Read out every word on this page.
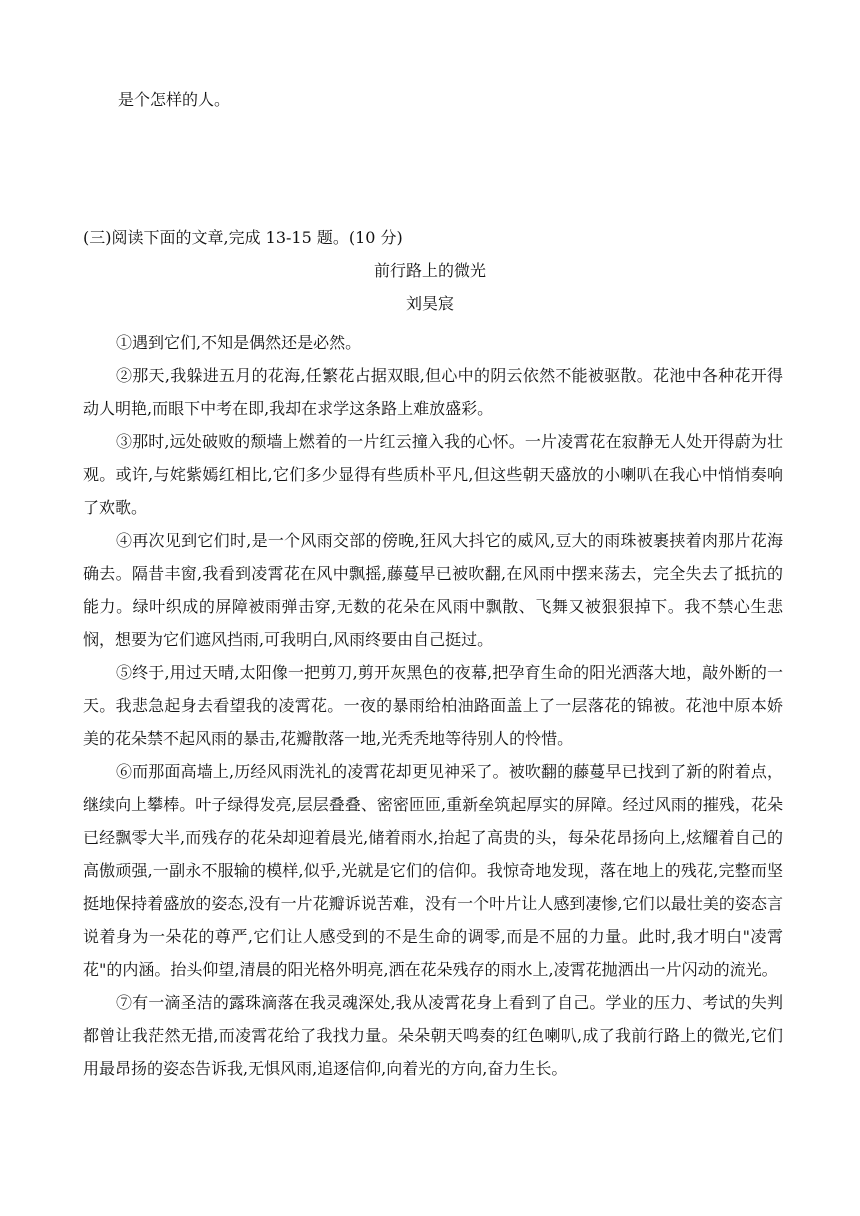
是个怎样的人。
(三)阅读下面的文章,完成 13-15 题。(10 分)
前行路上的微光
刘昊宸

①遇到它们,不知是偶然还是必然。

②那天,我躲进五月的花海,任繁花占据双眼,但心中的阴云依然不能被驱散。花池中各种花开得动人明艳,而眼下中考在即,我却在求学这条路上难放盛彩。

③那时,远处破败的颓墙上燃着的一片红云撞入我的心怀。一片凌霄花在寂静无人处开得蔚为壮观。或许,与姹紫嫣红相比,它们多少显得有些质朴平凡,但这些朝天盛放的小喇叭在我心中悄悄奏响了欢歌。

④再次见到它们时,是一个风雨交部的傍晚,狂风大抖它的威风,豆大的雨珠被裹挟着肉那片花海确去。隔昔丰窗,我看到凌霄花在风中飘摇,藤蔓早已被吹翻,在风雨中摆来荡去，完全失去了抵抗的能力。绿叶织成的屏障被雨弹击穿,无数的花朵在风雨中飘散、飞舞又被狠狠掉下。我不禁心生悲悯，想要为它们遮风挡雨,可我明白,风雨终要由自己挺过。

⑤终于,用过天晴,太阳像一把剪刀,剪开灰黑色的夜幕,把孕育生命的阳光洒落大地，敲外断的一天。我悲急起身去看望我的凌霄花。一夜的暴雨给柏油路面盖上了一层落花的锦被。花池中原本娇美的花朵禁不起风雨的暴击,花瓣散落一地,光秃秃地等待别人的怜惜。

⑥而那面高墙上,历经风雨洗礼的凌霄花却更见神采了。被吹翻的藤蔓早已找到了新的附着点，继续向上攀棒。叶子绿得发亮,层层叠叠、密密匝匝,重新垒筑起厚实的屏障。经过风雨的摧残，花朵已经飘零大半,而残存的花朵却迎着晨光,储着雨水,抬起了高贵的头，每朵花昂扬向上,炫耀着自己的高傲顽强,一副永不服输的模样,似乎,光就是它们的信仰。我惊奇地发现，落在地上的残花,完整而坚挺地保持着盛放的姿态,没有一片花瓣诉说苦难，没有一个叶片让人感到凄惨,它们以最壮美的姿态言说着身为一朵花的尊严,它们让人感受到的不是生命的调零,而是不屈的力量。此时,我才明白"凌霄花"的内涵。抬头仰望,清晨的阳光格外明亮,洒在花朵残存的雨水上,凌霄花抛洒出一片闪动的流光。

⑦有一滴圣洁的露珠滴落在我灵魂深处,我从凌霄花身上看到了自己。学业的压力、考试的失判都曾让我茫然无措,而凌霄花给了我找力量。朵朵朝天鸣奏的红色喇叭,成了我前行路上的微光,它们用最昂扬的姿态告诉我,无惧风雨,追逐信仰,向着光的方向,奋力生长。
